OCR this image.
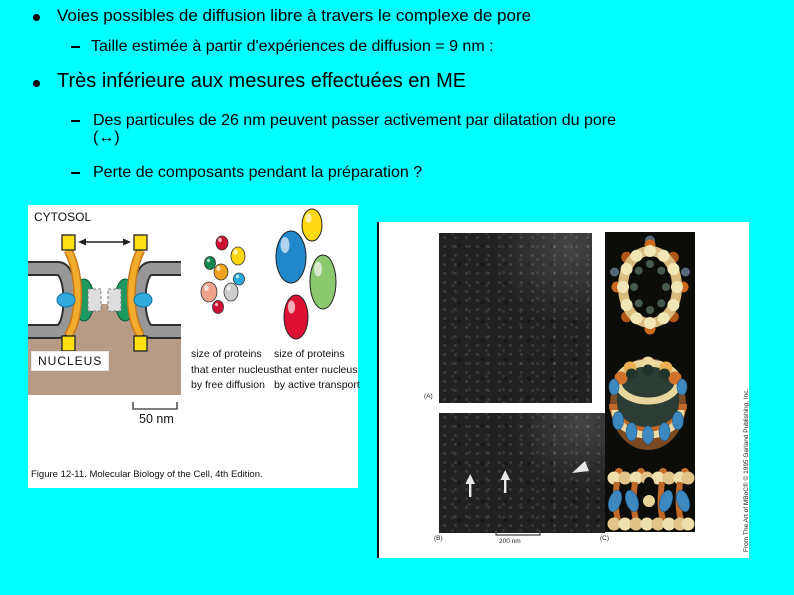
Voies possibles de diffusion libre à travers le complexe de pore
Taille estimée à partir d'expériences de diffusion = 9 nm :
Très inférieure aux mesures effectuées en ME
Des particules de 26 nm peuvent passer activement par dilatation du pore
(↔)
Perte de composants pendant la préparation ?
CYTOSOL
NUCLEUS
50 nm
size of proteins
that enter nucleus
by free diffusion
size of proteins
that enter nucleus
by active transport
Figure 12-11. Molecular Biology of the Cell, 4th Edition.
(A)
(B)	(C)
200 nm	From The Art of MBoC® © 1995 Garland Publishing, Inc.
